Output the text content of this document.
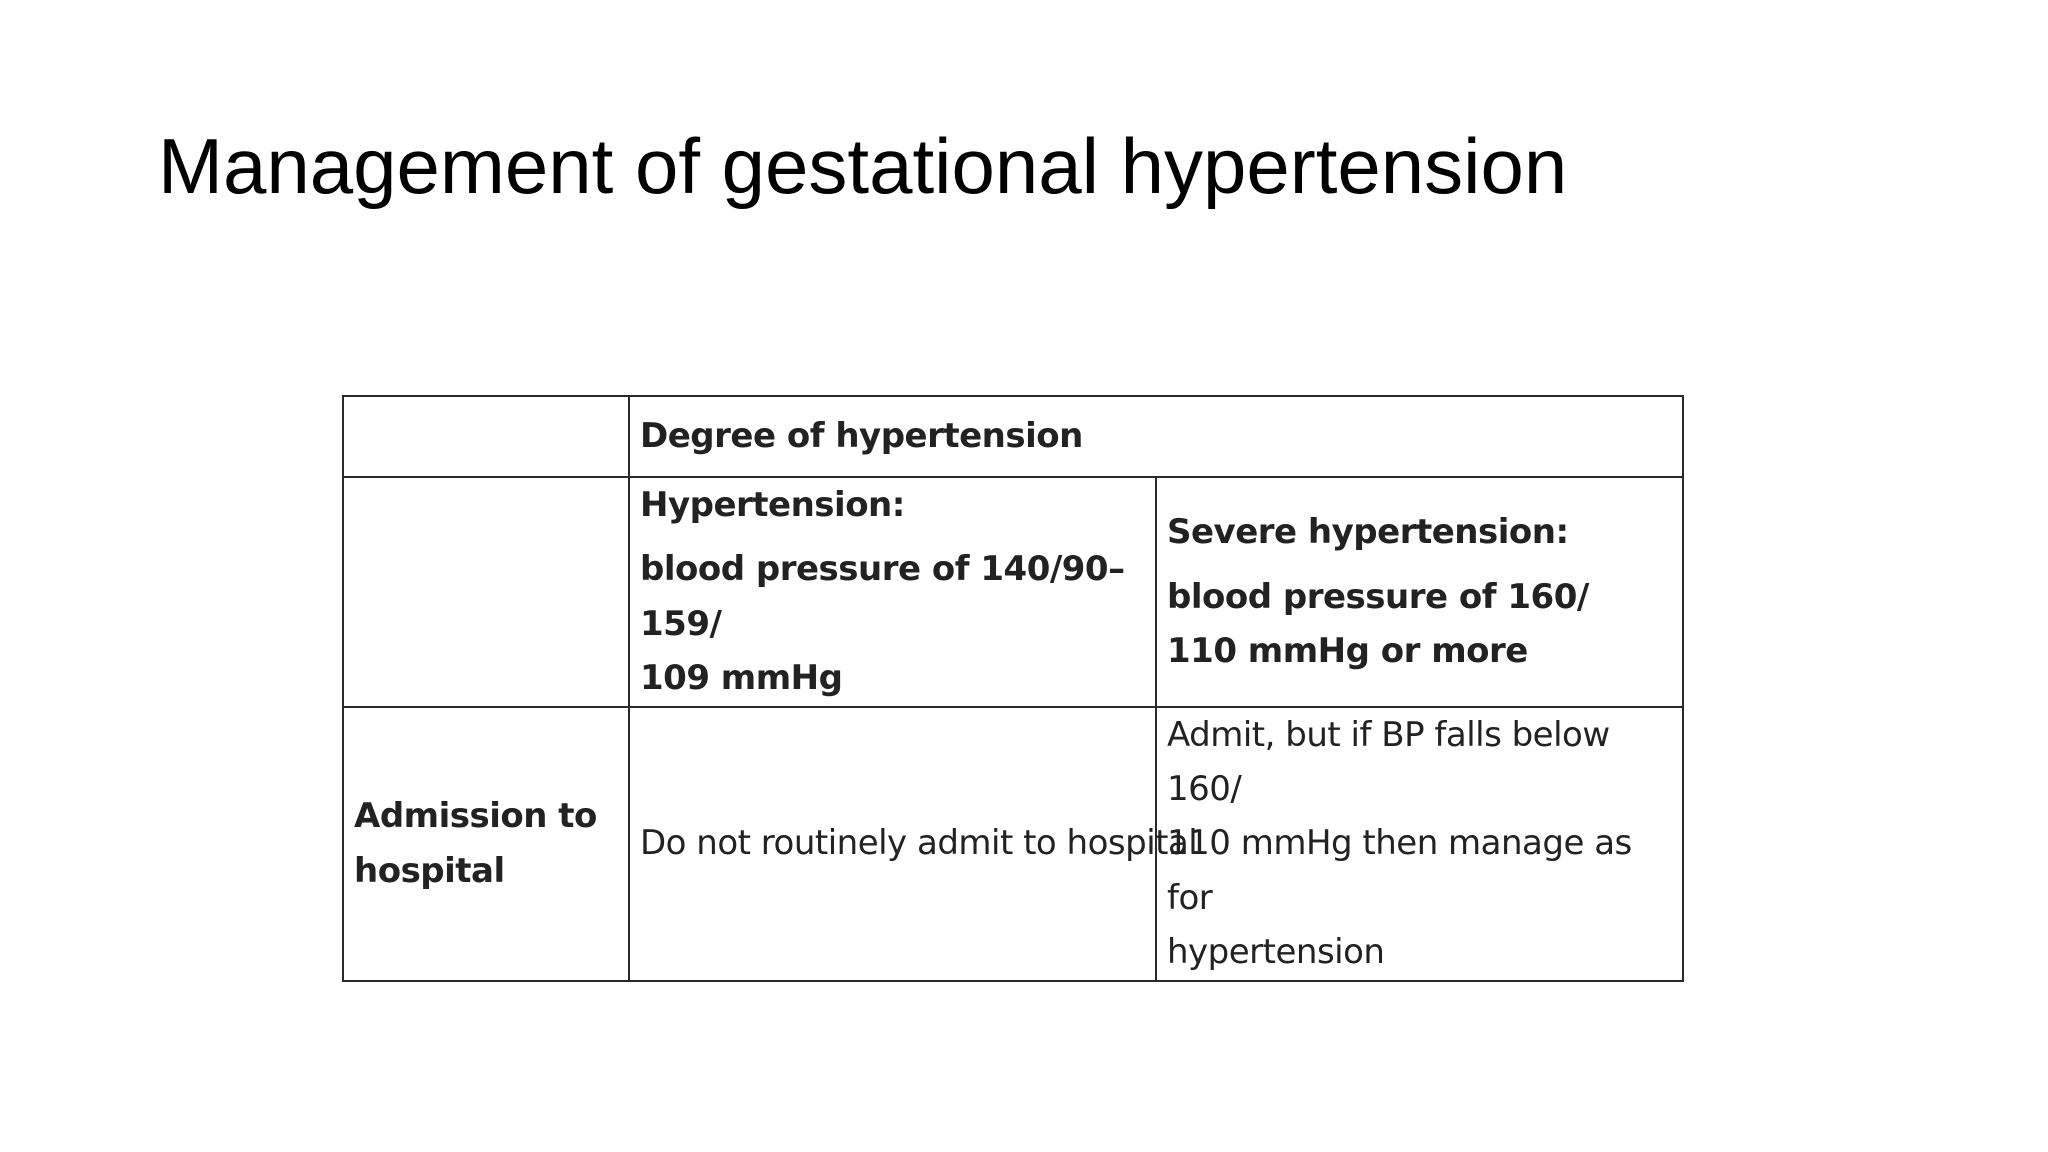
Management of gestational hypertension
	Degree of hypertension	

	Hypertension:
blood pressure of 140/90–159/
109 mmHg	Severe hypertension:
blood pressure of 160/
110 mmHg or more

Admission to
hospital	Do not routinely admit to hospital	Admit, but if BP falls below 160/
110 mmHg then manage as for
hypertension
